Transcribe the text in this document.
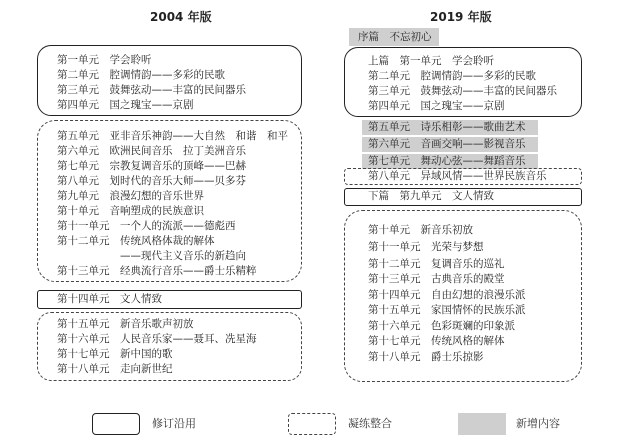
2004 年版	2019 年版
第一单元　学会聆听
第二单元　腔调情韵——多彩的民歌
第三单元　鼓舞弦动——丰富的民间器乐
第四单元　国之瑰宝——京剧
第五单元　亚非音乐神韵——大自然　和谐　和平
第六单元　欧洲民间音乐　拉丁美洲音乐
第七单元　宗教复调音乐的顶峰——巴赫
第八单元　划时代的音乐大师——贝多芬
第九单元　浪漫幻想的音乐世界
第十单元　音响塑成的民族意识
第十一单元　一个人的流派——德彪西
第十二单元　传统风格体裁的解体
　　　　　　——现代主义音乐的新趋向
第十三单元　经典流行音乐——爵士乐精粹
第十四单元　文人情致
第十五单元　新音乐歌声初放
第十六单元　人民音乐家——聂耳、冼星海
第十七单元　新中国的歌
第十八单元　走向新世纪
序篇　不忘初心
上篇　第一单元　学会聆听
第二单元　腔调情韵——多彩的民歌
第三单元　鼓舞弦动——丰富的民间器乐
第四单元　国之瑰宝——京剧
第五单元　诗乐相彰——歌曲艺术
第六单元　音画交响——影视音乐
第七单元　舞动心弦——舞蹈音乐
第八单元　异域风情——世界民族音乐
下篇　第九单元　文人情致
第十单元　新音乐初放
第十一单元　光荣与梦想
第十二单元　复调音乐的巡礼
第十三单元　古典音乐的殿堂
第十四单元　自由幻想的浪漫乐派
第十五单元　家国情怀的民族乐派
第十六单元　色彩斑斓的印象派
第十七单元　传统风格的解体
第十八单元　爵士乐掠影
修订沿用	凝练整合	新增内容
